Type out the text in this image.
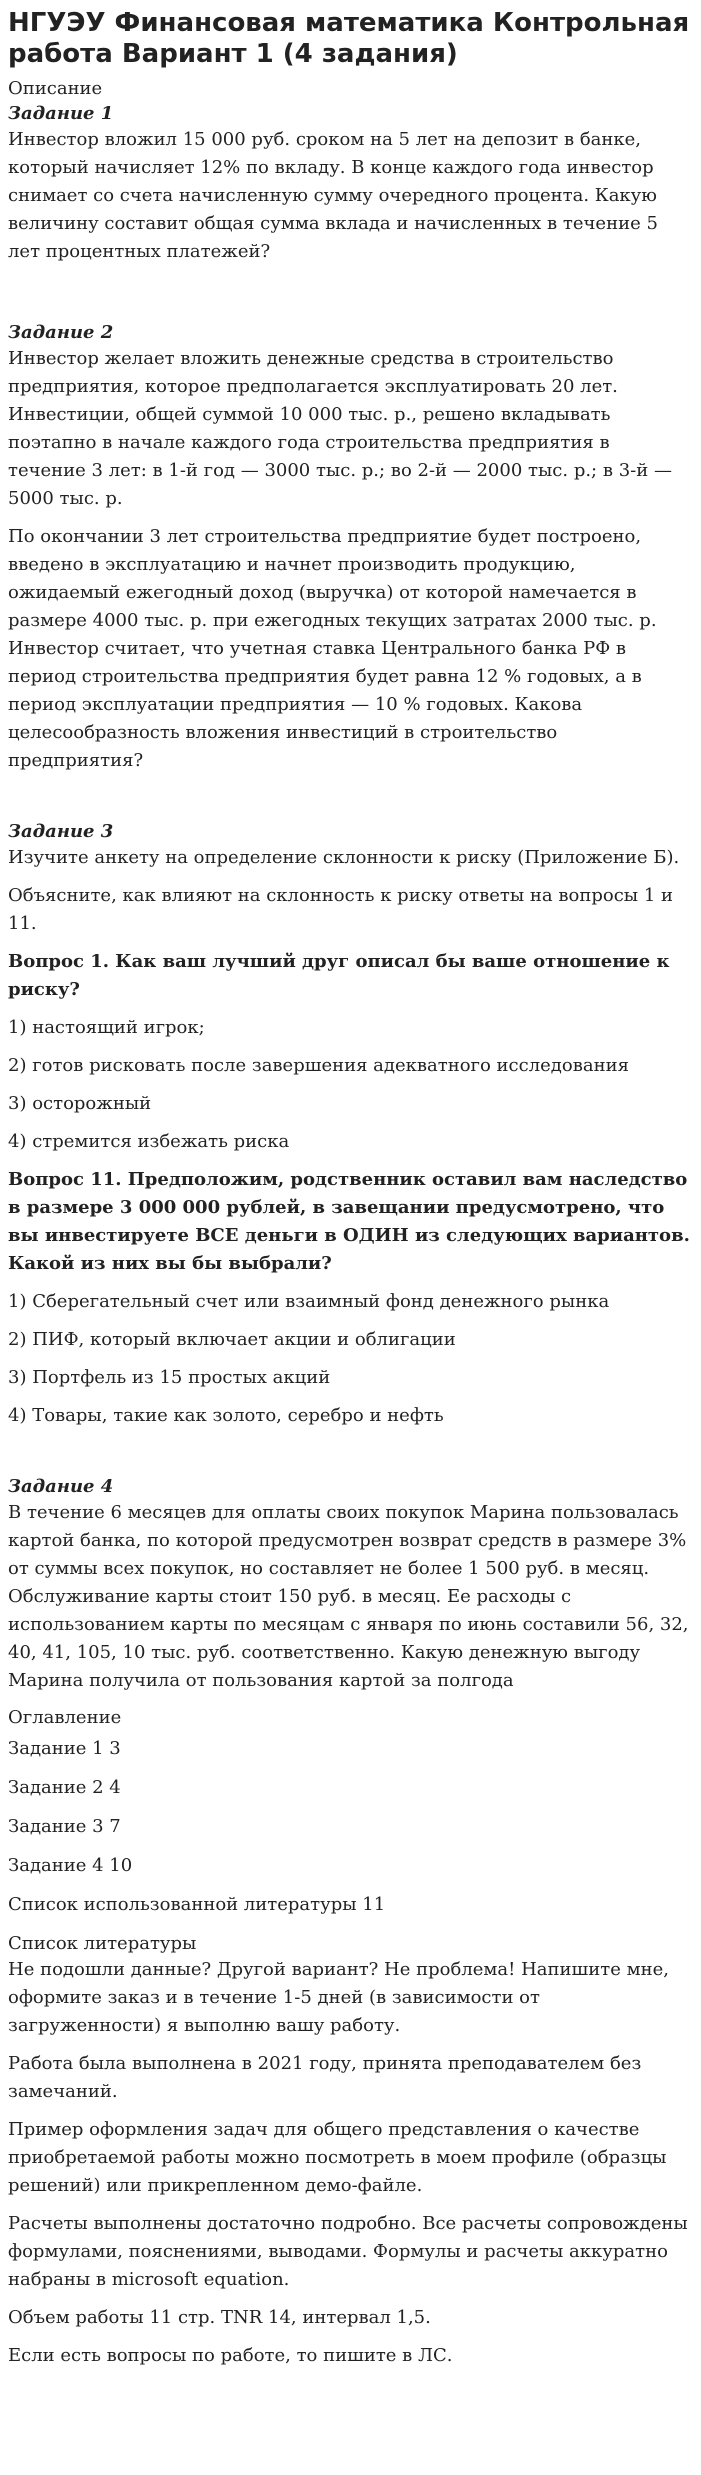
НГУЭУ Финансовая математика Контрольная работа Вариант 1 (4 задания)
Описание
Задание 1

Инвестор вложил 15 000 руб. сроком на 5 лет на депозит в банке, который начисляет 12% по вкладу. В конце каждого года инвестор снимает со счета начисленную сумму очередного процента. Какую величину составит общая сумма вклада и начисленных в течение 5 лет процентных платежей?

Задание 2

Инвестор желает вложить денежные средства в строительство предприятия, которое предполагается эксплуатировать 20 лет. Инвестиции, общей суммой 10 000 тыс. р., решено вкладывать поэтапно в начале каждого года строительства предприятия в течение 3 лет: в 1-й год — 3000 тыс. р.; во 2-й — 2000 тыс. р.; в 3-й — 5000 тыс. р.

По окончании 3 лет строительства предприятие будет построено, введено в эксплуатацию и начнет производить продукцию, ожидаемый ежегодный доход (выручка) от которой намечается в размере 4000 тыс. р. при ежегодных текущих затратах 2000 тыс. р. Инвестор считает, что учетная ставка Центрального банка РФ в период строительства предприятия будет равна 12 % годовых, а в период эксплуатации предприятия — 10 % годовых. Какова целесообразность вложения инвестиций в строительство предприятия?

Задание 3

Изучите анкету на определение склонности к риску (Приложение Б).

Объясните, как влияют на склонность к риску ответы на вопросы 1 и 11.

Вопрос 1. Как ваш лучший друг описал бы ваше отношение к риску?

1) настоящий игрок;

2) готов рисковать после завершения адекватного исследования

3) осторожный

4) стремится избежать риска

Вопрос 11. Предположим, родственник оставил вам наследство в размере 3 000 000 рублей, в завещании предусмотрено, что вы инвестируете ВСЕ деньги в ОДИН из следующих вариантов. Какой из них вы бы выбрали?

1) Сберегательный счет или взаимный фонд денежного рынка

2) ПИФ, который включает акции и облигации

3) Портфель из 15 простых акций

4) Товары, такие как золото, серебро и нефть

Задание 4

В течение 6 месяцев для оплаты своих покупок Марина пользовалась картой банка, по которой предусмотрен возврат средств в размере 3% от суммы всех покупок, но составляет не более 1 500 руб. в месяц. Обслуживание карты стоит 150 руб. в месяц. Ее расходы с использованием карты по месяцам с января по июнь составили 56, 32, 40, 41, 105, 10 тыс. руб. соответственно. Какую денежную выгоду Марина получила от пользования картой за полгода

Оглавление
Задание 1 3
Задание 2 4
Задание 3 7
Задание 4 10
Список использованной литературы 11
Список литературы

Не подошли данные? Другой вариант? Не проблема! Напишите мне, оформите заказ и в течение 1-5 дней (в зависимости от загруженности) я выполню вашу работу.

Работа была выполнена в 2021 году, принята преподавателем без замечаний.

Пример оформления задач для общего представления о качестве приобретаемой работы можно посмотреть в моем профиле (образцы решений) или прикрепленном демо-файле.

Расчеты выполнены достаточно подробно. Все расчеты сопровождены формулами, пояснениями, выводами. Формулы и расчеты аккуратно набраны в microsoft equation.

Объем работы 11 стр. TNR 14, интервал 1,5.

Если есть вопросы по работе, то пишите в ЛС.
